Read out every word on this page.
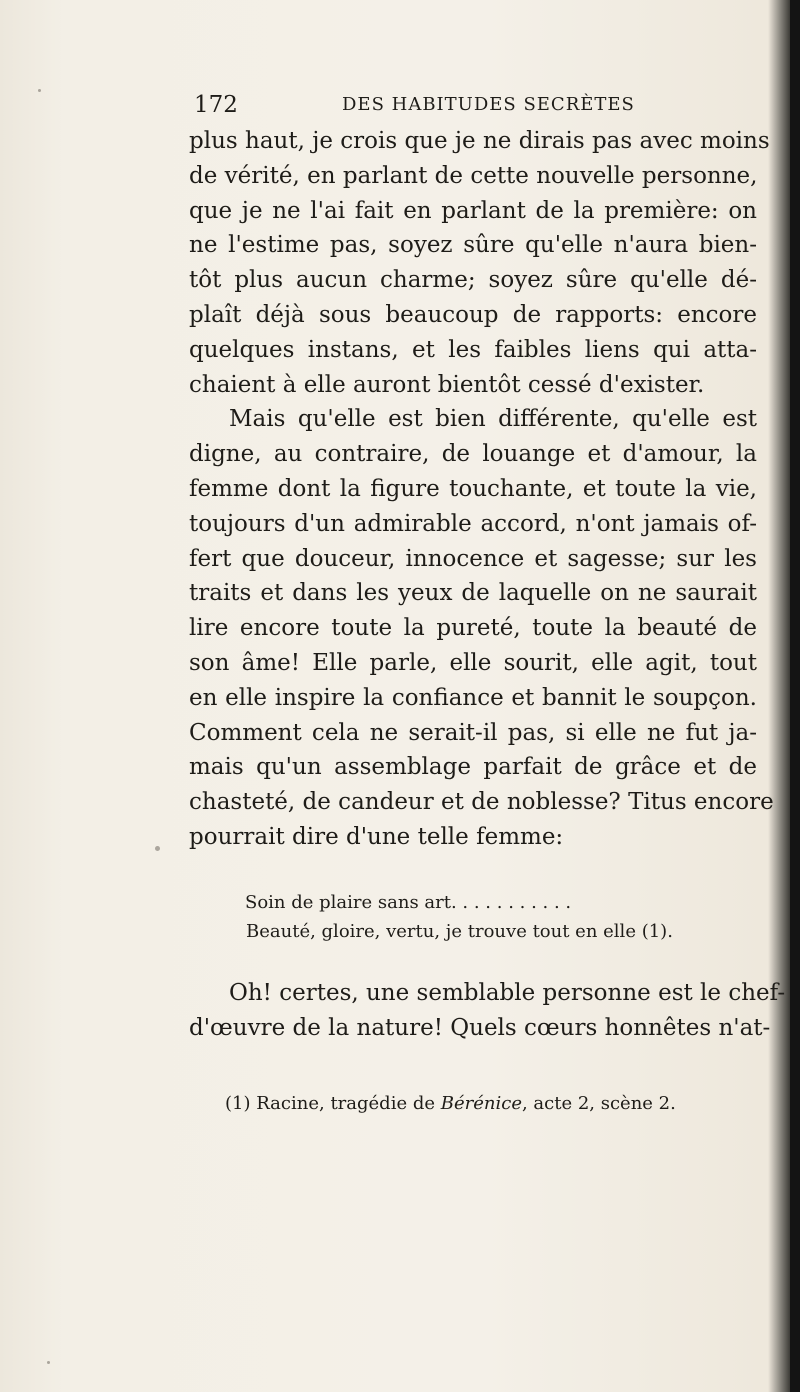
172	DES HABITUDES SECRÈTES
plus haut, je crois que je ne dirais pas avec moins
de vérité, en parlant de cette nouvelle personne,
que je ne l'ai fait en parlant de la première: on
ne l'estime pas, soyez sûre qu'elle n'aura bien-
tôt plus aucun charme; soyez sûre qu'elle dé-
plaît déjà sous beaucoup de rapports: encore
quelques instans, et les faibles liens qui atta-
chaient à elle auront bientôt cessé d'exister.
Mais qu'elle est bien différente, qu'elle est
digne, au contraire, de louange et d'amour, la
femme dont la figure touchante, et toute la vie,
toujours d'un admirable accord, n'ont jamais of-
fert que douceur, innocence et sagesse; sur les
traits et dans les yeux de laquelle on ne saurait
lire encore toute la pureté, toute la beauté de
son âme! Elle parle, elle sourit, elle agit, tout
en elle inspire la confiance et bannit le soupçon.
Comment cela ne serait-il pas, si elle ne fut ja-
mais qu'un assemblage parfait de grâce et de
chasteté, de candeur et de noblesse? Titus encore
pourrait dire d'une telle femme:
Soin de plaire sans art. . . . . . . . . . .
Beauté, gloire, vertu, je trouve tout en elle (1).
Oh! certes, une semblable personne est le chef-
d'œuvre de la nature! Quels cœurs honnêtes n'at-
(1) Racine, tragédie de Bérénice, acte 2, scène 2.
